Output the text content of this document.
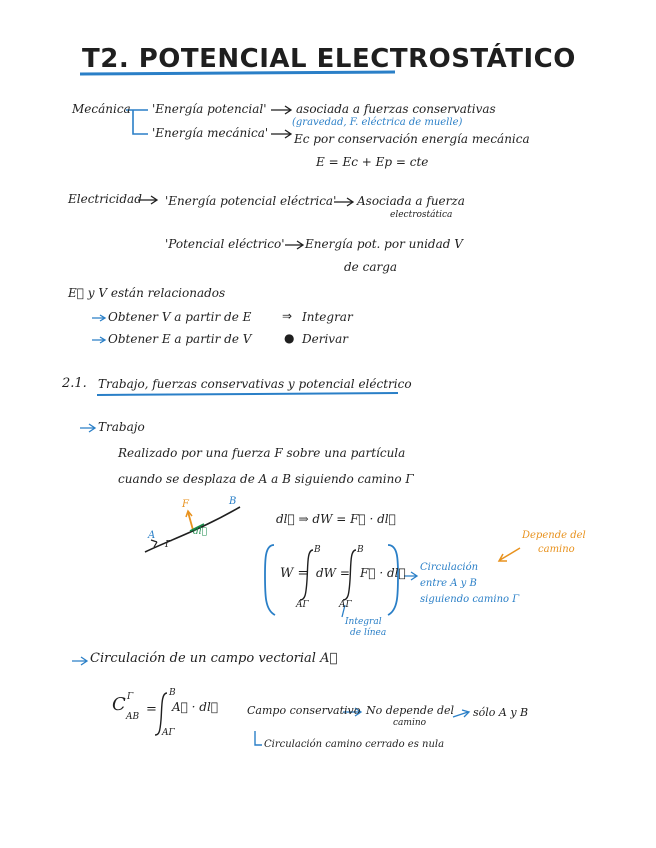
T2. POTENCIAL ELECTROSTÁTICO
Mecánica 'Energía potencial' asociada a fuerzas conservativas
(gravedad, F. eléctrica de muelle)
'Energía mecánica' Ec por conservación energía mecánica
E = Ec + Ep = cte
Electricidad 'Energía potencial eléctrica' Asociada a fuerza
electrostática
'Potencial eléctrico' Energía pot. por unidad V
de carga
E⃗ y V están relacionados
Obtener V a partir de E	⇒ Integrar
Obtener E a partir de V	● Derivar
2.1. Trabajo, fuerzas conservativas y potencial eléctrico
Trabajo
Realizado por una fuerza F sobre una partícula
cuando se desplaza de A a B siguiendo camino Γ
A
B
F
dl⃗
Γ
dl⃗ ⇒ dW = F⃗ · dl⃗
W =
B
AΓ
dW =
B
AΓ
F⃗ · dl⃗ Circulación
entre A y B
siguiendo camino Γ
Integral
de línea
Depende del
camino
Circulación de un campo vectorial A⃗
C Γ
AB =
B
AΓ
A⃗ · dl⃗	Campo conservativo No depende del
camino
sólo A y B
Circulación camino cerrado es nula
